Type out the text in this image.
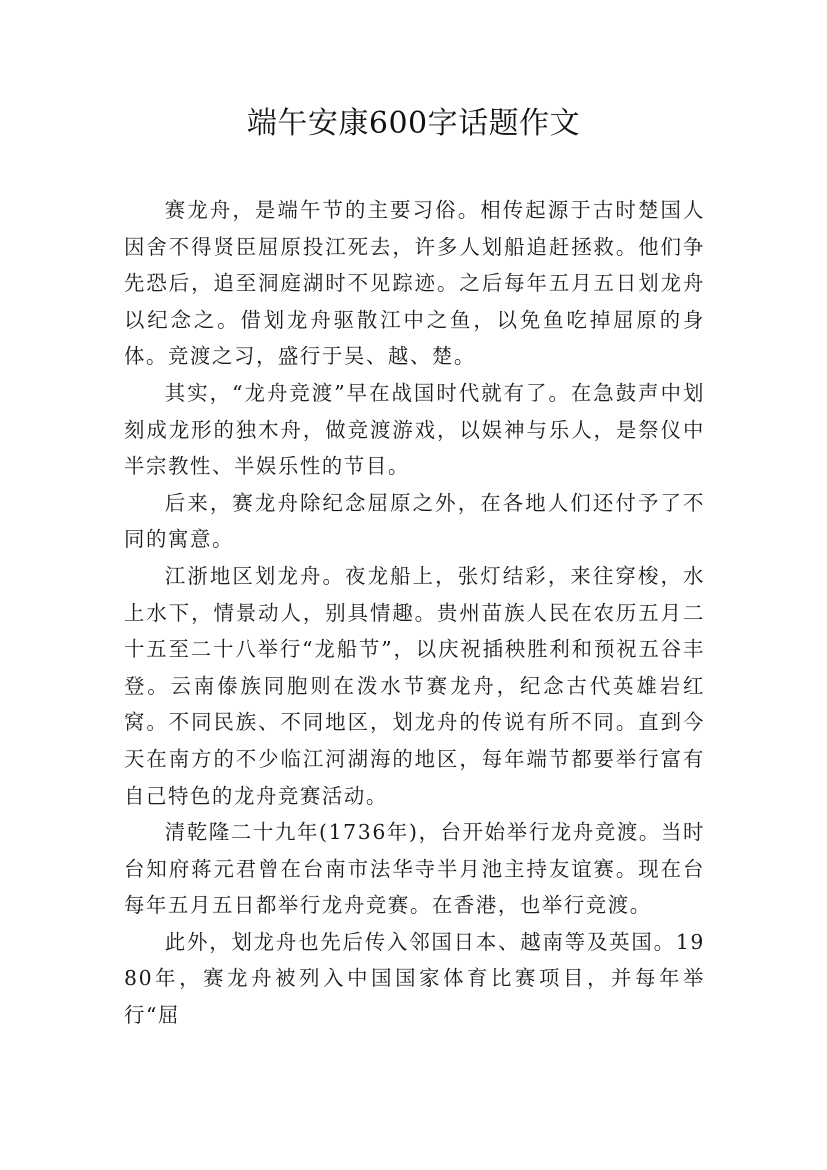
端午安康600字话题作文

赛龙舟，是端午节的主要习俗。相传起源于古时楚国人因舍不得贤臣屈原投江死去，许多人划船追赶拯救。他们争先恐后，追至洞庭湖时不见踪迹。之后每年五月五日划龙舟以纪念之。借划龙舟驱散江中之鱼，以免鱼吃掉屈原的身体。竞渡之习，盛行于吴、越、楚。

其实，“龙舟竞渡”早在战国时代就有了。在急鼓声中划刻成龙形的独木舟，做竞渡游戏，以娱神与乐人，是祭仪中半宗教性、半娱乐性的节目。

后来，赛龙舟除纪念屈原之外，在各地人们还付予了不同的寓意。

江浙地区划龙舟。夜龙船上，张灯结彩，来往穿梭，水上水下，情景动人，别具情趣。贵州苗族人民在农历五月二十五至二十八举行“龙船节”，以庆祝插秧胜利和预祝五谷丰登。云南傣族同胞则在泼水节赛龙舟，纪念古代英雄岩红窝。不同民族、不同地区，划龙舟的传说有所不同。直到今天在南方的不少临江河湖海的地区，每年端节都要举行富有自己特色的龙舟竞赛活动。

清乾隆二十九年(1736年)，台开始举行龙舟竞渡。当时台知府蒋元君曾在台南市法华寺半月池主持友谊赛。现在台每年五月五日都举行龙舟竞赛。在香港，也举行竞渡。

此外，划龙舟也先后传入邻国日本、越南等及英国。1980年，赛龙舟被列入中国国家体育比赛项目，并每年举行“屈
